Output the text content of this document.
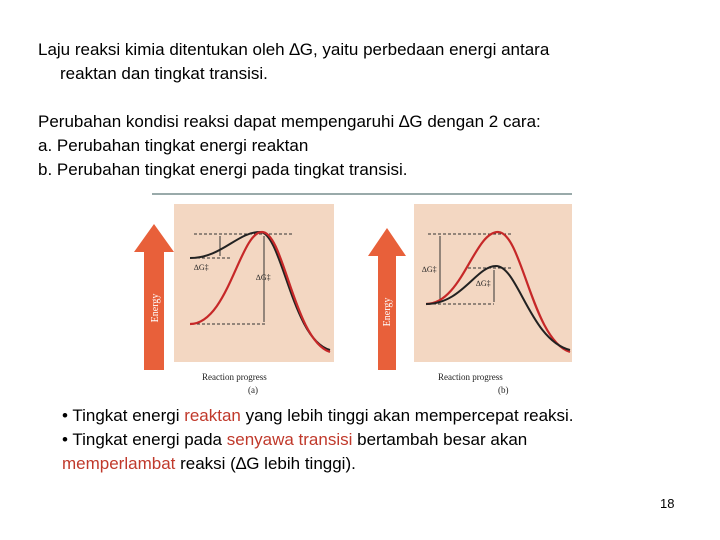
Laju reaksi kimia ditentukan oleh ∆G, yaitu perbedaan energi antara
reaktan dan tingkat transisi.
Perubahan kondisi reaksi dapat mempengaruhi ∆G dengan 2 cara:
a. Perubahan tingkat energi reaktan
b. Perubahan tingkat energi pada tingkat transisi.
Energy
∆G‡
∆G‡
Reaction progress
(a)
Energy
∆G‡
∆G‡
Reaction progress
(b)
• Tingkat energi reaktan yang lebih tinggi akan mempercepat reaksi.
• Tingkat energi pada senyawa transisi bertambah besar akan
memperlambat reaksi (∆G lebih tinggi).
18
